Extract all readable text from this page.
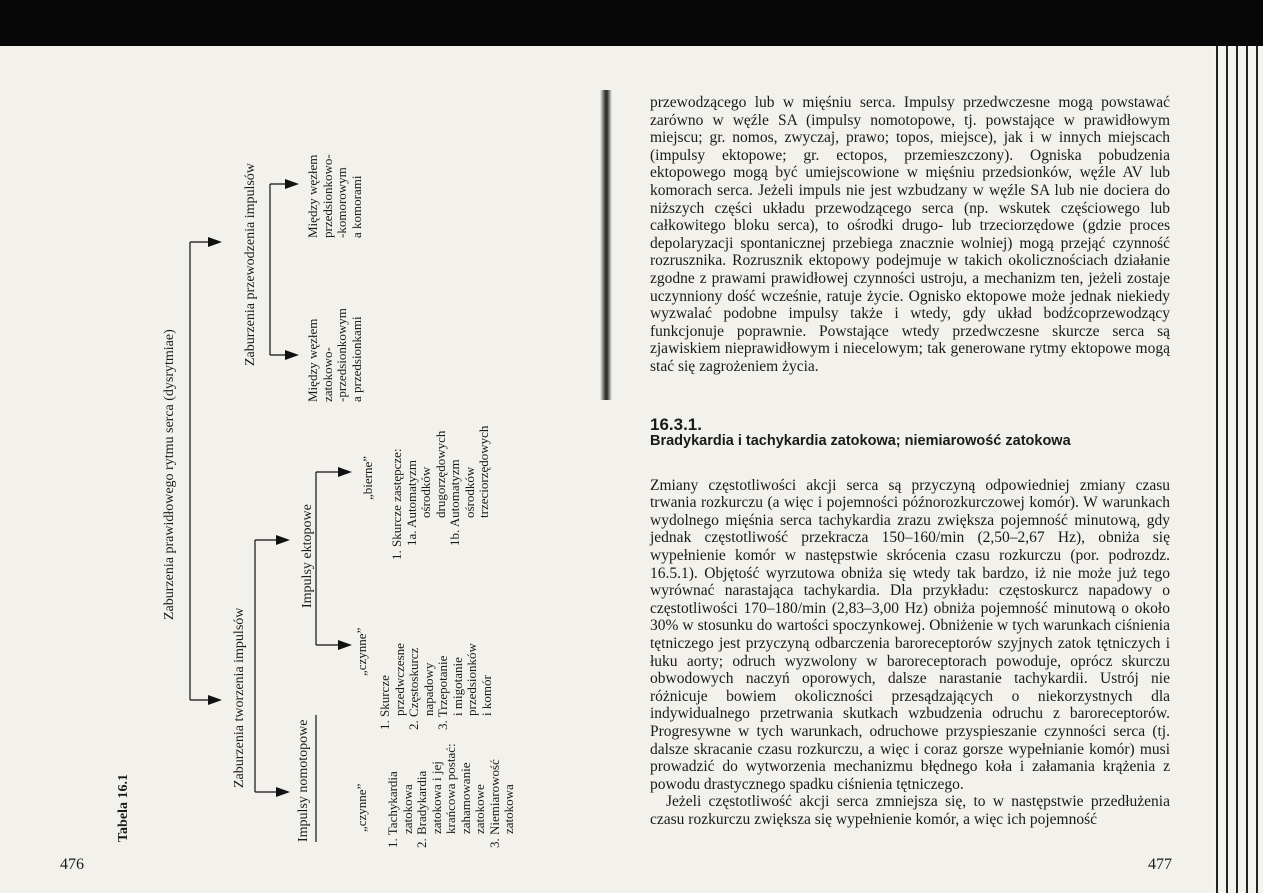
476
Tabela 16.1
Zaburzenia prawidłowego rytmu serca (dysrytmiae)
Zaburzenia tworzenia impulsów
Zaburzenia przewodzenia impulsów
Impulsy nomotopowe	„czynne” 1. Tachykardia zatokowa 2. Bradykardia zatokowa i jej krańcowa postać: zahamowanie zatokowe 3. Niemiarowość zatokowa
Impulsy ektopowe
„czynne”
1. Skurcze przedwczesne 2. Częstoskurcz napadowy 3. Trzepotanie i migotanie przedsionków i komór
„bierne” 1. Skurcze zastępcze: 1a. Automatyzm ośrodków drugorzędowych 1b. Automatyzm ośrodków trzeciorzędowych
Między węzłem zatokowo- -przedsionkowym a przedsionkami
Między węzłem przedsionkowo- -komorowym a komorami

przewodzącego lub w mięśniu serca. Impulsy przedwczesne mogą powstawać zarówno w węźle SA (impulsy nomotopowe, tj. powstające w prawidłowym miejscu; gr. nomos, zwyczaj, prawo; topos, miejsce), jak i w innych miejscach (impulsy ektopowe; gr. ectopos, przemieszczony). Ogniska pobudzenia ektopowego mogą być umiejscowione w mięśniu przedsionków, węźle AV lub komorach serca. Jeżeli impuls nie jest wzbudzany w węźle SA lub nie dociera do niższych części układu przewodzącego serca (np. wskutek częściowego lub całkowitego bloku serca), to ośrodki drugo- lub trzeciorzędowe (gdzie proces depolaryzacji spontanicznej przebiega znacznie wolniej) mogą przejąć czynność rozrusznika. Rozrusznik ektopowy podejmuje w takich okolicznościach działanie zgodne z prawami prawidłowej czynności ustroju, a mechanizm ten, jeżeli zostaje uczynniony dość wcześnie, ratuje życie. Ognisko ektopowe może jednak niekiedy wyzwalać podobne impulsy także i wtedy, gdy układ bodźcoprzewodzący funkcjonuje poprawnie. Powstające wtedy przedwczesne skurcze serca są zjawiskiem nieprawidłowym i niecelowym; tak generowane rytmy ektopowe mogą stać się zagrożeniem życia.

16.3.1.
Bradykardia i tachykardia zatokowa; niemiarowość zatokowa

Zmiany częstotliwości akcji serca są przyczyną odpowiedniej zmiany czasu trwania rozkurczu (a więc i pojemności późnorozkurczowej komór). W warunkach wydolnego mięśnia serca tachykardia zrazu zwiększa pojemność minutową, gdy jednak częstotliwość przekracza 150–160/min (2,50–2,67 Hz), obniża się wypełnienie komór w następstwie skrócenia czasu rozkurczu (por. podrozdz. 16.5.1). Objętość wyrzutowa obniża się wtedy tak bardzo, iż nie może już tego wyrównać narastająca tachykardia. Dla przykładu: częstoskurcz napadowy o częstotliwości 170–180/min (2,83–3,00 Hz) obniża pojemność minutową o około 30% w stosunku do wartości spoczynkowej. Obniżenie w tych warunkach ciśnienia tętniczego jest przyczyną odbarczenia baroreceptorów szyjnych zatok tętniczych i łuku aorty; odruch wyzwolony w baroreceptorach powoduje, oprócz skurczu obwodowych naczyń oporowych, dalsze narastanie tachykardii. Ustrój nie różnicuje bowiem okoliczności przesądzających o niekorzystnych dla indywidualnego przetrwania skutkach wzbudzenia odruchu z baroreceptorów. Progresywne w tych warunkach, odruchowe przyspieszanie czynności serca (tj. dalsze skracanie czasu rozkurczu, a więc i coraz gorsze wypełnianie komór) musi prowadzić do wytworzenia mechanizmu błędnego koła i załamania krążenia z powodu drastycznego spadku ciśnienia tętniczego.

Jeżeli częstotliwość akcji serca zmniejsza się, to w następstwie przedłużenia czasu rozkurczu zwiększa się wypełnienie komór, a więc ich pojemność

477
